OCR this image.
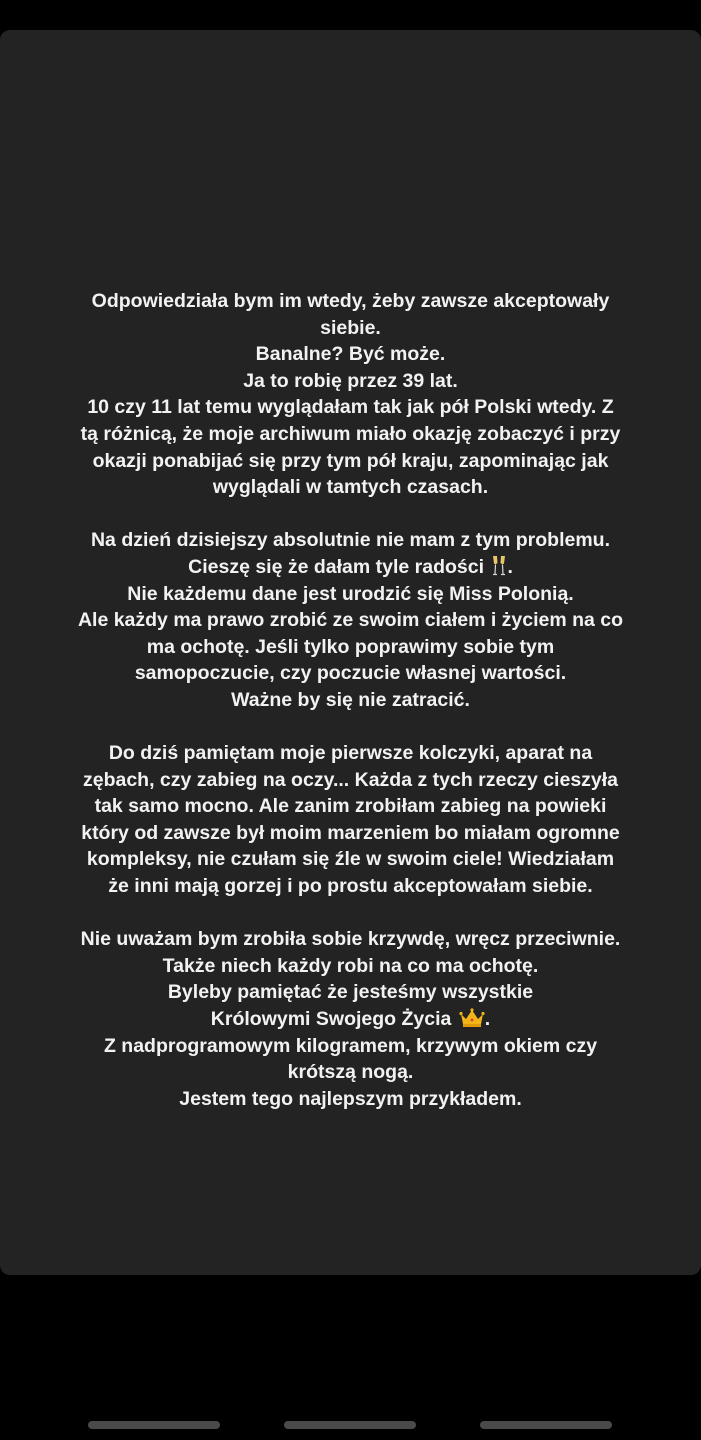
Odpowiedziała bym im wtedy, żeby zawsze akceptowały
siebie.
Banalne? Być może.
Ja to robię przez 39 lat.
10 czy 11 lat temu wyglądałam tak jak pół Polski wtedy. Z
tą różnicą, że moje archiwum miało okazję zobaczyć i przy
okazji ponabijać się przy tym pół kraju, zapominając jak
wyglądali w tamtych czasach.
Na dzień dzisiejszy absolutnie nie mam z tym problemu.
Cieszę się że dałam tyle radości .
Nie każdemu dane jest urodzić się Miss Polonią.
Ale każdy ma prawo zrobić ze swoim ciałem i życiem na co
ma ochotę. Jeśli tylko poprawimy sobie tym
samopoczucie, czy poczucie własnej wartości.
Ważne by się nie zatracić.
Do dziś pamiętam moje pierwsze kolczyki, aparat na
zębach, czy zabieg na oczy... Każda z tych rzeczy cieszyła
tak samo mocno. Ale zanim zrobiłam zabieg na powieki
który od zawsze był moim marzeniem bo miałam ogromne
kompleksy, nie czułam się źle w swoim ciele! Wiedziałam
że inni mają gorzej i po prostu akceptowałam siebie.
Nie uważam bym zrobiła sobie krzywdę, wręcz przeciwnie.
Także niech każdy robi na co ma ochotę.
Byleby pamiętać że jesteśmy wszystkie
Królowymi Swojego Życia .
Z nadprogramowym kilogramem, krzywym okiem czy
krótszą nogą.
Jestem tego najlepszym przykładem.
